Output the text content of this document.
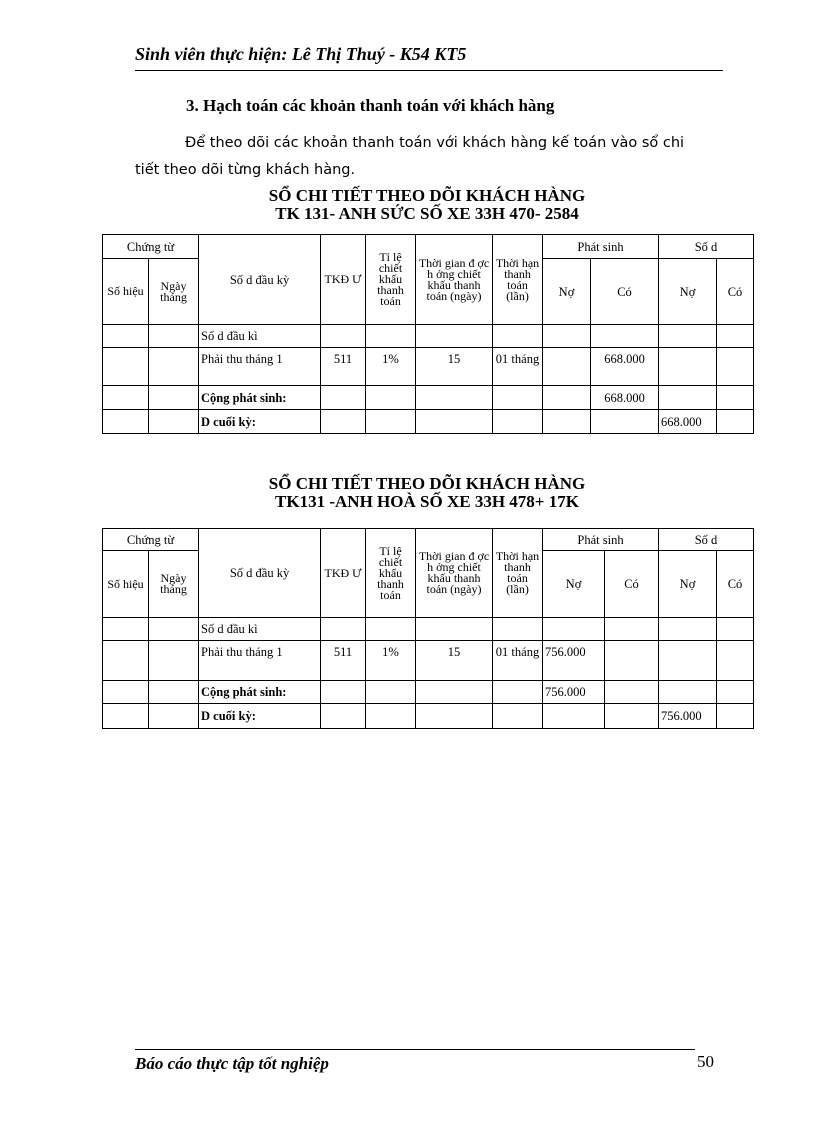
Sinh viên thực hiện: Lê Thị Thuý - K54 KT5
3. Hạch toán các khoản thanh toán với khách hàng
Để theo dõi các khoản thanh toán với khách hàng kế toán vào sổ chi tiết theo dõi từng khách hàng.
SỔ CHI TIẾT THEO DÕI KHÁCH HÀNG
TK 131- ANH SỨC SỐ XE 33H 470- 2584
Chứng từ		Số d đầu kỳ	TKĐ Ư	Tỉ lệ chiết khấu thanh toán	Thời gian đ ợc h ởng chiết khấu thanh toán (ngày)	Thời hạn thanh toán (lần)	Phát sinh		Số d	
Số hiệu	Ngày tháng						Nợ	Có	Nợ	Có
		Số d đầu kì								
		Phải thu tháng 1	511	1%	15	01 tháng		668.000		
		Cộng phát sinh:						668.000		
		D cuối kỳ:							668.000	
SỔ CHI TIẾT THEO DÕI KHÁCH HÀNG
TK131 -ANH HOÀ SỐ XE 33H 478+ 17K
Chứng từ		Số d đầu kỳ	TKĐ Ư	Tỉ lệ chiết khấu thanh toán	Thời gian đ ợc h ởng chiết khấu thanh toán (ngày)	Thời hạn thanh toán (lần)	Phát sinh		Số d	
Số hiệu	Ngày tháng						Nợ	Có	Nợ	Có
		Số d đầu kì								
		Phải thu tháng 1	511	1%	15	01 tháng	756.000			
		Cộng phát sinh:					756.000			
		D cuối kỳ:							756.000	
Báo cáo thực tập tốt nghiệp	50
